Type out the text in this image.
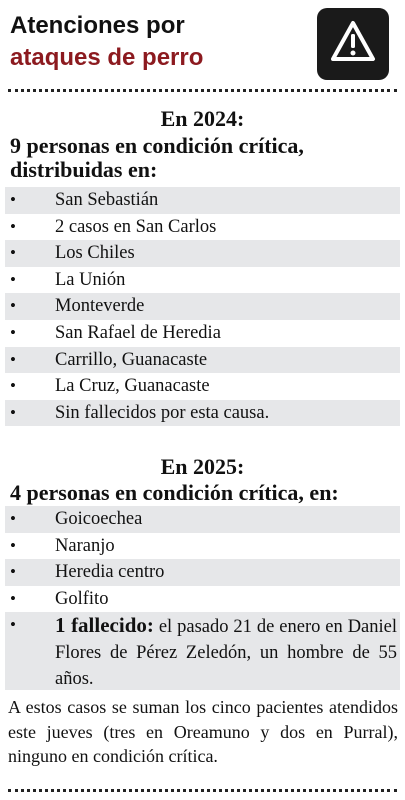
Atenciones por
ataques de perro
En 2024:
9 personas en condición crítica,
distribuidas en:
• San Sebastián
• 2 casos en San Carlos
• Los Chiles
• La Unión
• Monteverde
• San Rafael de Heredia
• Carrillo, Guanacaste
• La Cruz, Guanacaste
• Sin fallecidos por esta causa.
En 2025:
4 personas en condición crítica, en:
• Goicoechea
• Naranjo
• Heredia centro
• Golfito
• 1 fallecido: el pasado 21 de enero en Daniel Flores de Pérez Zeledón, un hombre de 55 años.
A estos casos se suman los cinco pacientes atendidos este jueves (tres en Oreamuno y dos en Purral), ninguno en condición crítica.
